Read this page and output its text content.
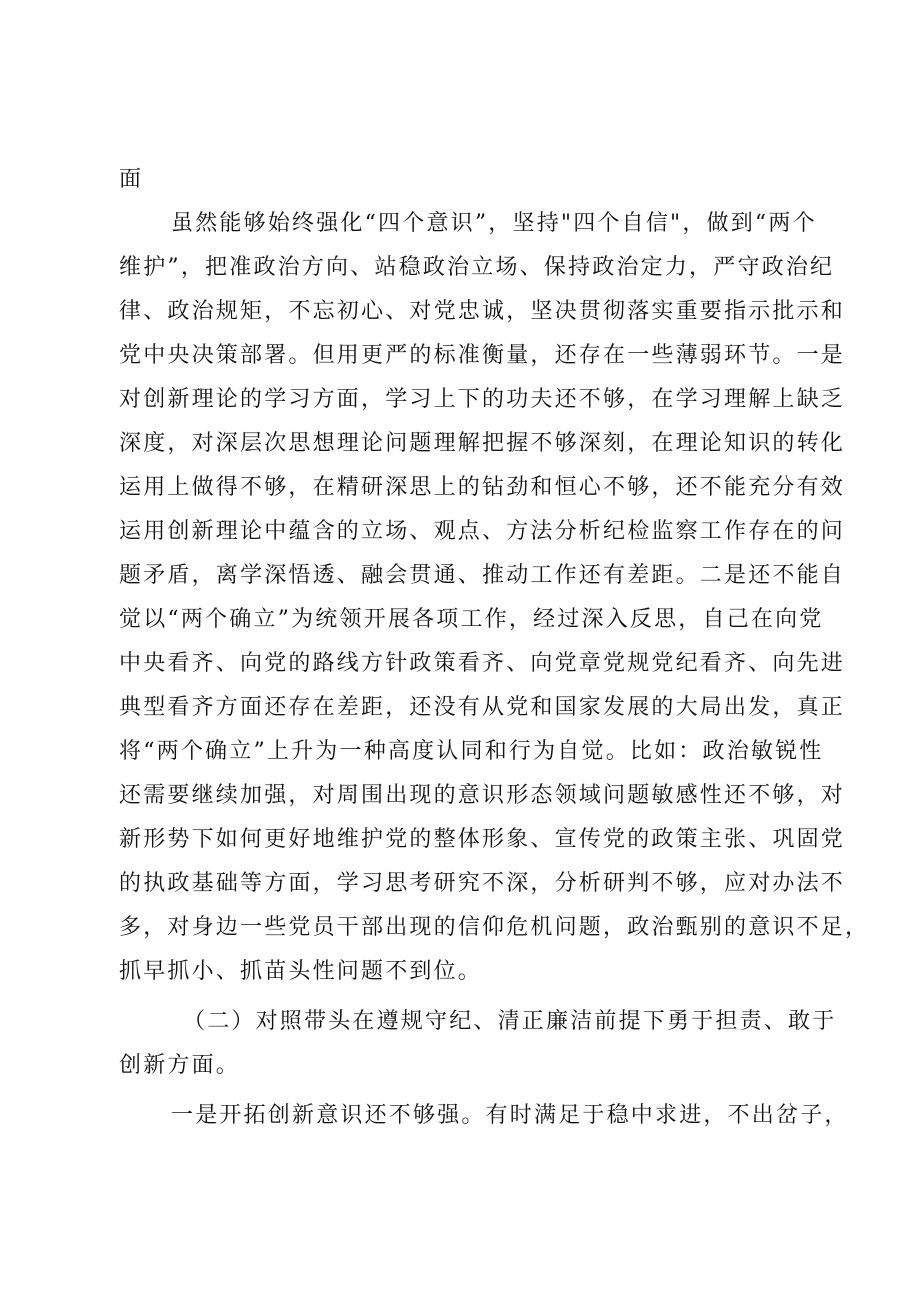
面
虽然能够始终强化“四个意识”，坚持"四个自信"，做到“两个
维护”，把准政治方向、站稳政治立场、保持政治定力，严守政治纪
律、政治规矩，不忘初心、对党忠诚，坚决贯彻落实重要指示批示和
党中央决策部署。但用更严的标准衡量，还存在一些薄弱环节。一是
对创新理论的学习方面，学习上下的功夫还不够，在学习理解上缺乏
深度，对深层次思想理论问题理解把握不够深刻，在理论知识的转化
运用上做得不够，在精研深思上的钻劲和恒心不够，还不能充分有效
运用创新理论中蕴含的立场、观点、方法分析纪检监察工作存在的问
题矛盾，离学深悟透、融会贯通、推动工作还有差距。二是还不能自
觉以“两个确立”为统领开展各项工作，经过深入反思，自己在向党
中央看齐、向党的路线方针政策看齐、向党章党规党纪看齐、向先进
典型看齐方面还存在差距，还没有从党和国家发展的大局出发，真正
将“两个确立”上升为一种高度认同和行为自觉。比如：政治敏锐性
还需要继续加强，对周围出现的意识形态领域问题敏感性还不够，对
新形势下如何更好地维护党的整体形象、宣传党的政策主张、巩固党
的执政基础等方面，学习思考研究不深，分析研判不够，应对办法不
多，对身边一些党员干部出现的信仰危机问题，政治甄别的意识不足，
抓早抓小、抓苗头性问题不到位。
（二）对照带头在遵规守纪、清正廉洁前提下勇于担责、敢于
创新方面。
一是开拓创新意识还不够强。有时满足于稳中求进，不出岔子，
